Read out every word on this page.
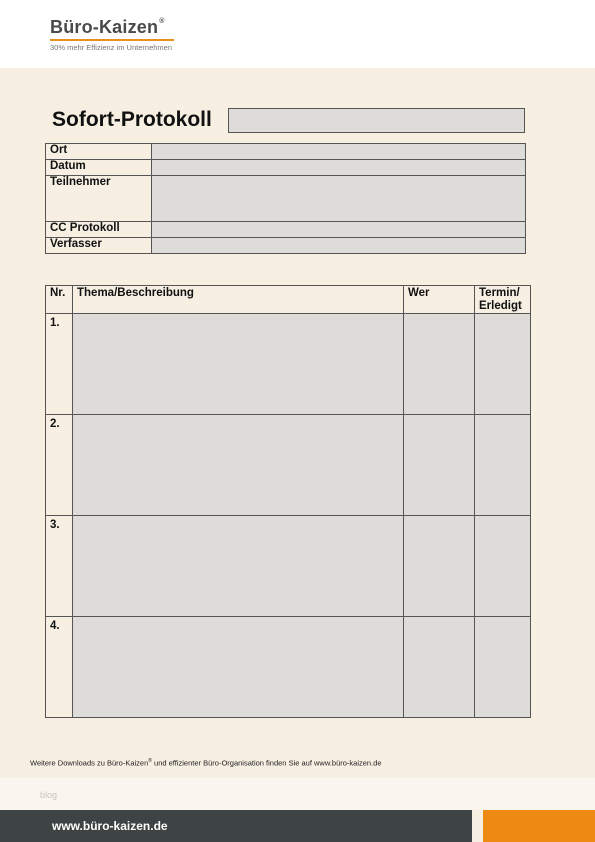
Büro-Kaizen®
30% mehr Effizienz im Unternehmen
Sofort-Protokoll
Ort	
Datum	
Teilnehmer	
CC Protokoll	
Verfasser	
Nr.	Thema/Beschreibung	Wer	Termin/
Erledigt
1.			
2.			
3.			
4.			
Weitere Downloads zu Büro-Kaizen® und effizienter Büro-Organisation finden Sie auf www.büro-kaizen.de
blog
www.büro-kaizen.de
